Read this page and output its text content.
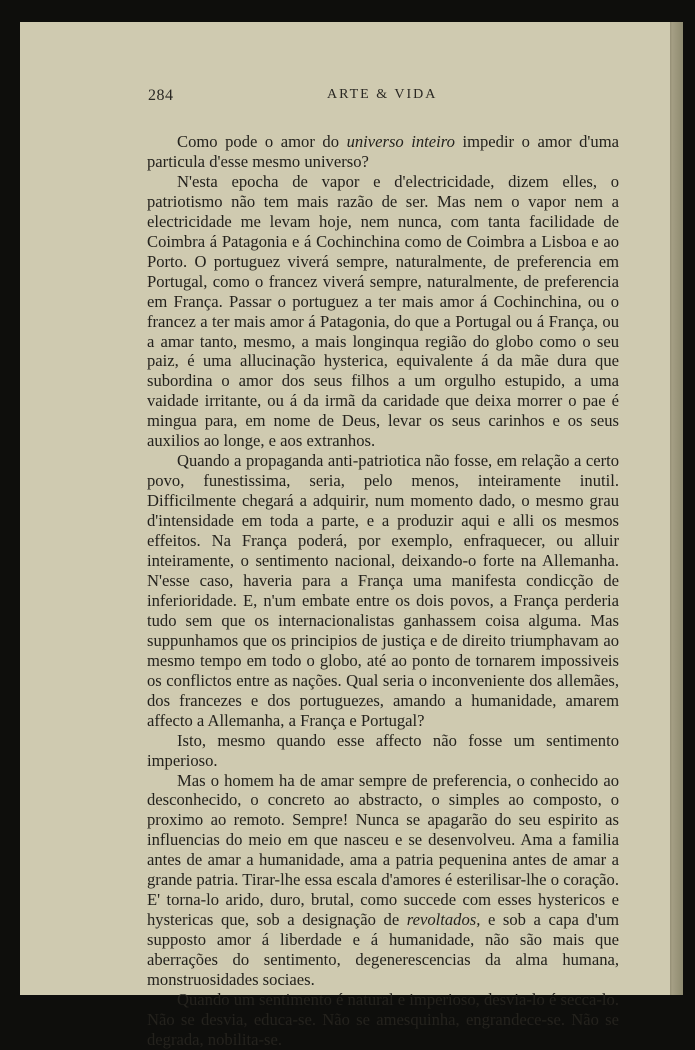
284	ARTE & VIDA

Como pode o amor do universo inteiro impedir o amor d'uma particula d'esse mesmo universo?

N'esta epocha de vapor e d'electricidade, dizem elles, o patriotismo não tem mais razão de ser. Mas nem o vapor nem a electricidade me levam hoje, nem nunca, com tanta facilidade de Coimbra á Patagonia e á Cochinchina como de Coimbra a Lisboa e ao Porto. O portuguez viverá sempre, naturalmente, de preferencia em Portugal, como o francez viverá sempre, naturalmente, de preferencia em França. Passar o portuguez a ter mais amor á Cochinchina, ou o francez a ter mais amor á Patagonia, do que a Portugal ou á França, ou a amar tanto, mesmo, a mais longinqua região do globo como o seu paiz, é uma allucinação hysterica, equivalente á da mãe dura que subordina o amor dos seus filhos a um orgulho estupido, a uma vaidade irritante, ou á da irmã da caridade que deixa morrer o pae é mingua para, em nome de Deus, levar os seus carinhos e os seus auxilios ao longe, e aos extranhos.

Quando a propaganda anti-patriotica não fosse, em relação a certo povo, funestissima, seria, pelo menos, inteiramente inutil. Difficilmente chegará a adquirir, num momento dado, o mesmo grau d'intensidade em toda a parte, e a produzir aqui e alli os mesmos effeitos. Na França poderá, por exemplo, enfraquecer, ou alluir inteiramente, o sentimento nacional, deixando-o forte na Allemanha. N'esse caso, haveria para a França uma manifesta condicção de inferioridade. E, n'um embate entre os dois povos, a França perderia tudo sem que os internacionalistas ganhassem coisa alguma. Mas suppunhamos que os principios de justiça e de direito triumphavam ao mesmo tempo em todo o globo, até ao ponto de tornarem impossiveis os conflictos entre as nações. Qual seria o inconveniente dos allemães, dos francezes e dos portuguezes, amando a humanidade, amarem affecto a Allemanha, a França e Portugal?

Isto, mesmo quando esse affecto não fosse um sentimento imperioso.

Mas o homem ha de amar sempre de preferencia, o conhecido ao desconhecido, o concreto ao abstracto, o simples ao composto, o proximo ao remoto. Sempre! Nunca se apagarão do seu espirito as influencias do meio em que nasceu e se desenvolveu. Ama a familia antes de amar a humanidade, ama a patria pequenina antes de amar a grande patria. Tirar-lhe essa escala d'amores é esterilisar-lhe o coração. E' torna-lo arido, duro, brutal, como succede com esses hystericos e hystericas que, sob a designação de revoltados, e sob a capa d'um supposto amor á liberdade e á humanidade, não são mais que aberrações do sentimento, degenerescencias da alma humana, monstruosidades sociaes.

Quando um sentimento é natural e imperioso, desvia-lo é secca-lo. Não se desvia, educa-se. Não se amesquinha, engrandece-se. Não se degrada, nobilita-se.
